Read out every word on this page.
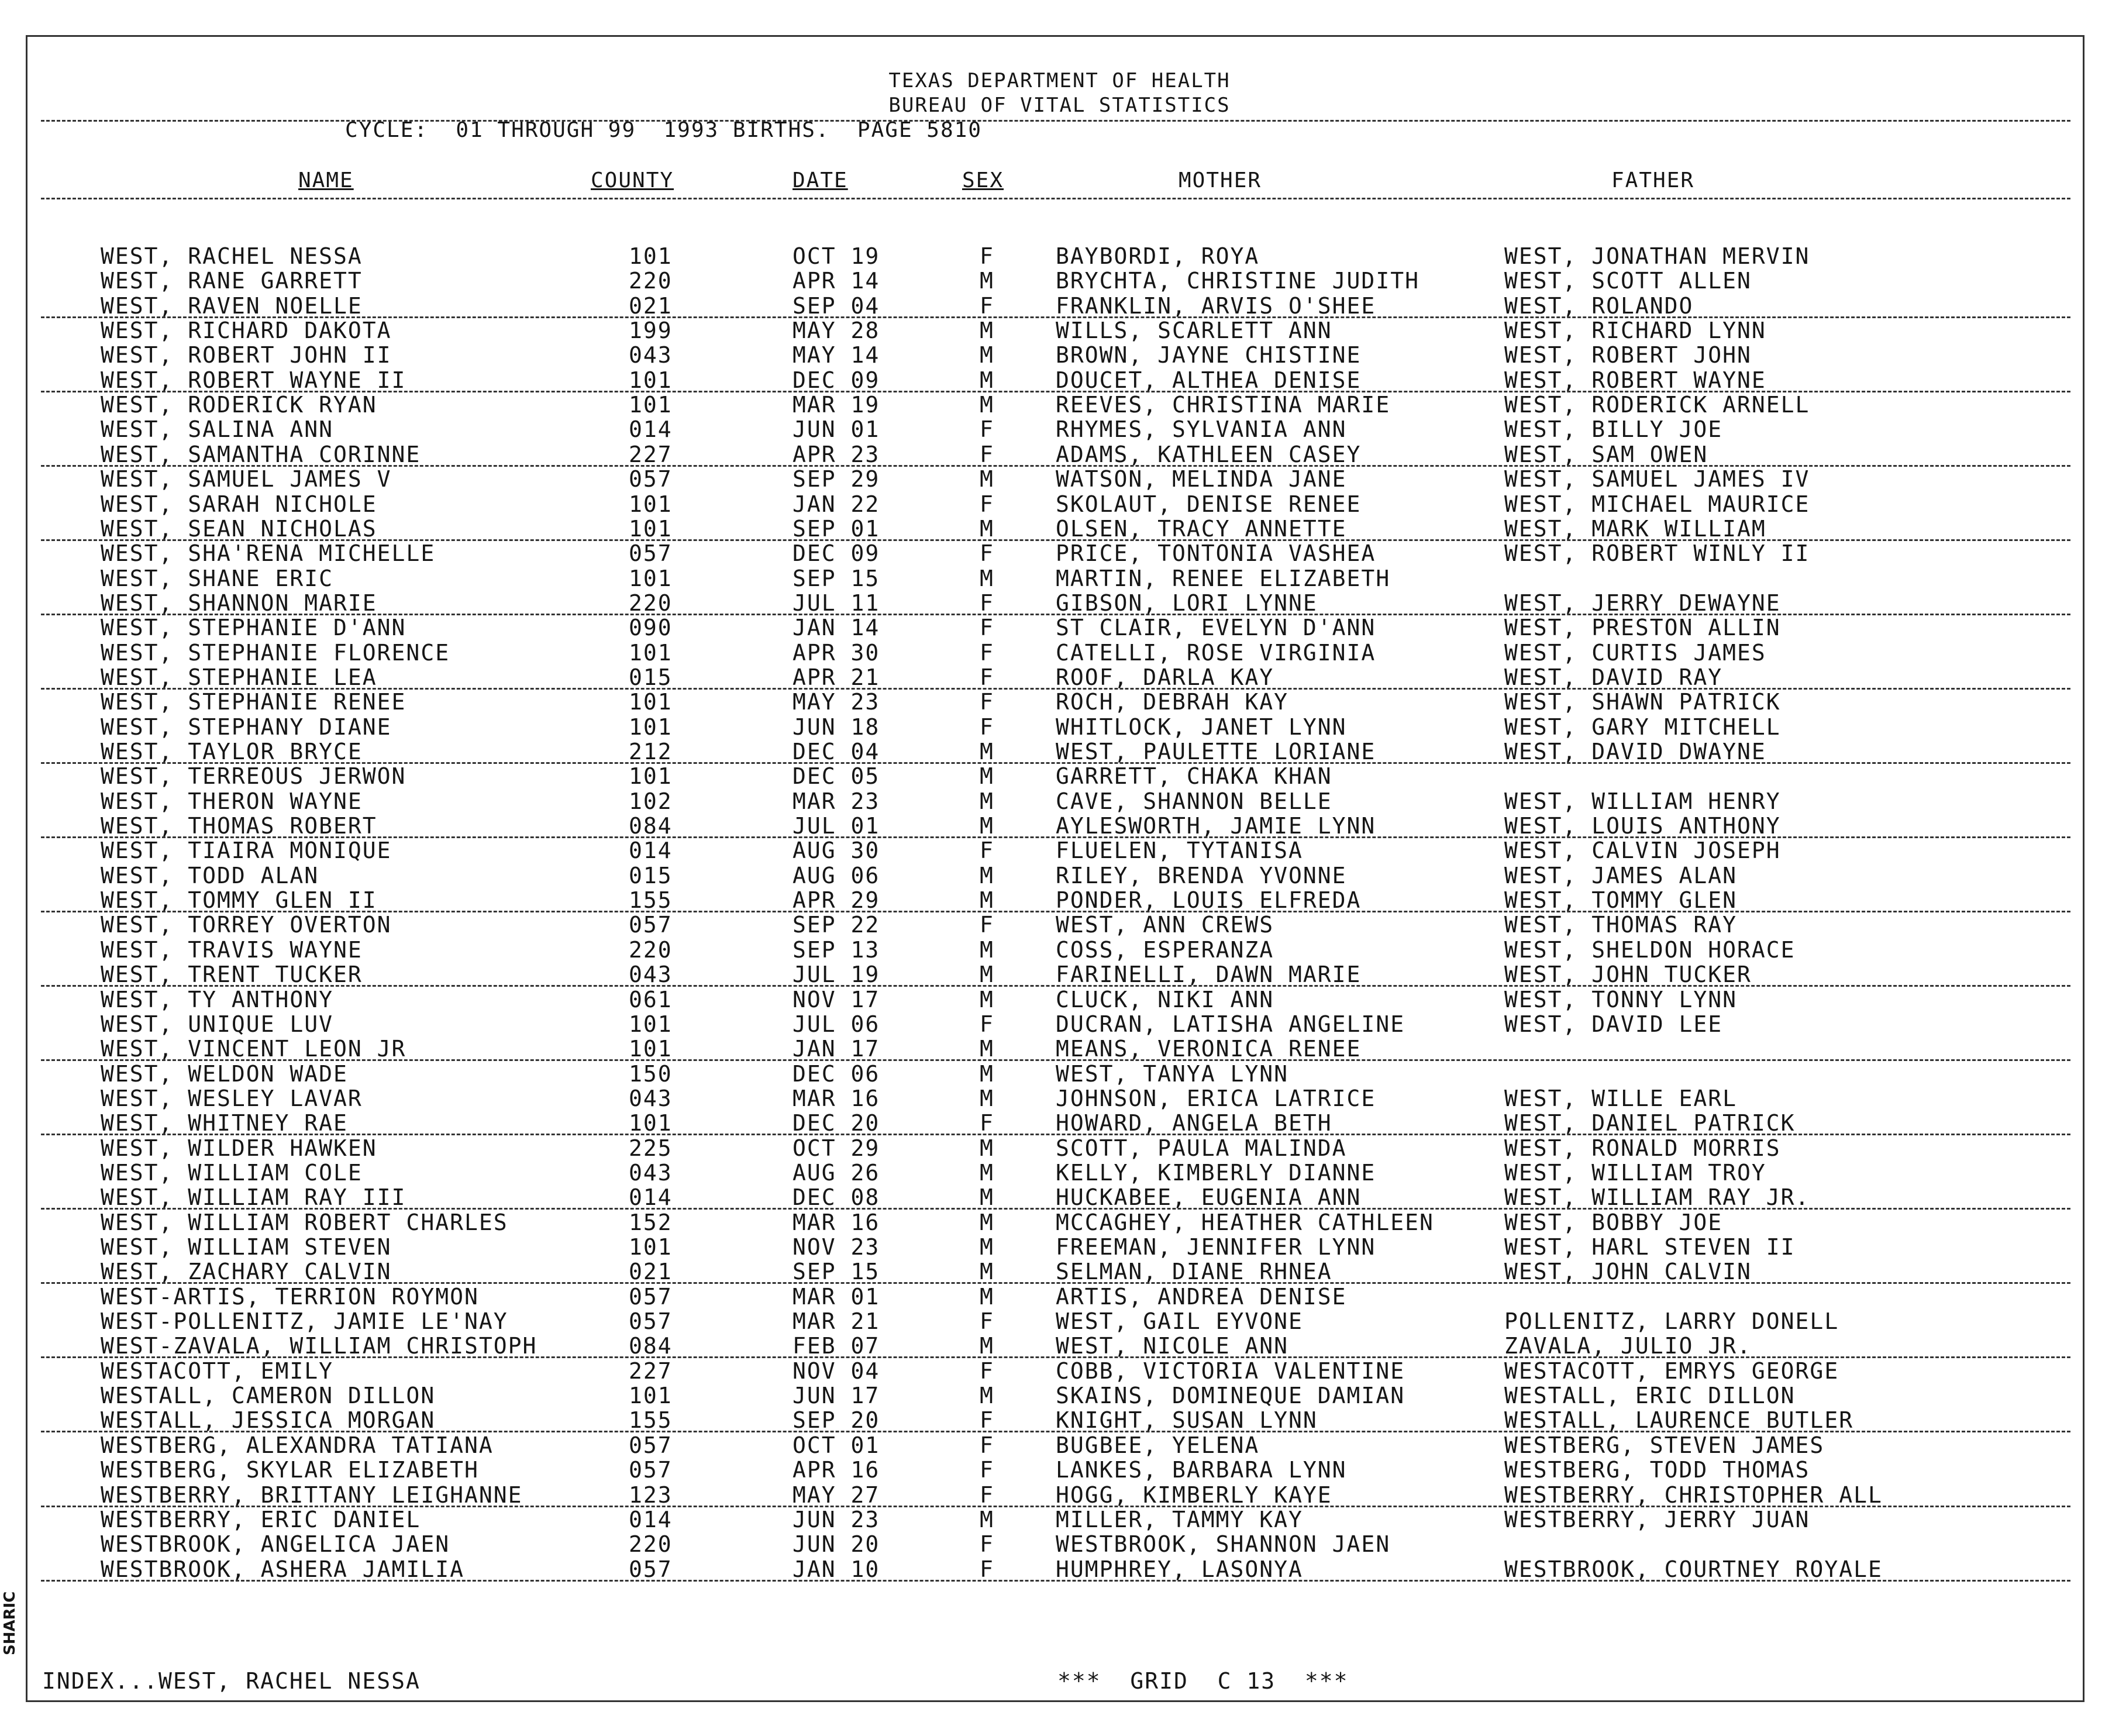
TEXAS DEPARTMENT OF HEALTH
BUREAU OF VITAL STATISTICS
CYCLE:  01 THROUGH 99  1993 BIRTHS.  PAGE 5810
NAME	COUNTY	DATE	SEX	MOTHER	FATHER
WEST, RACHEL NESSA	101	OCT 19	F	BAYBORDI, ROYA	WEST, JONATHAN MERVIN
WEST, RANE GARRETT	220	APR 14	M	BRYCHTA, CHRISTINE JUDITH	WEST, SCOTT ALLEN
WEST, RAVEN NOELLE	021	SEP 04	F	FRANKLIN, ARVIS O'SHEE	WEST, ROLANDO
WEST, RICHARD DAKOTA	199	MAY 28	M	WILLS, SCARLETT ANN	WEST, RICHARD LYNN
WEST, ROBERT JOHN II	043	MAY 14	M	BROWN, JAYNE CHISTINE	WEST, ROBERT JOHN
WEST, ROBERT WAYNE II	101	DEC 09	M	DOUCET, ALTHEA DENISE	WEST, ROBERT WAYNE
WEST, RODERICK RYAN	101	MAR 19	M	REEVES, CHRISTINA MARIE	WEST, RODERICK ARNELL
WEST, SALINA ANN	014	JUN 01	F	RHYMES, SYLVANIA ANN	WEST, BILLY JOE
WEST, SAMANTHA CORINNE	227	APR 23	F	ADAMS, KATHLEEN CASEY	WEST, SAM OWEN
WEST, SAMUEL JAMES V	057	SEP 29	M	WATSON, MELINDA JANE	WEST, SAMUEL JAMES IV
WEST, SARAH NICHOLE	101	JAN 22	F	SKOLAUT, DENISE RENEE	WEST, MICHAEL MAURICE
WEST, SEAN NICHOLAS	101	SEP 01	M	OLSEN, TRACY ANNETTE	WEST, MARK WILLIAM
WEST, SHA'RENA MICHELLE	057	DEC 09	F	PRICE, TONTONIA VASHEA	WEST, ROBERT WINLY II
WEST, SHANE ERIC	101	SEP 15	M	MARTIN, RENEE ELIZABETH
WEST, SHANNON MARIE	220	JUL 11	F	GIBSON, LORI LYNNE	WEST, JERRY DEWAYNE
WEST, STEPHANIE D'ANN	090	JAN 14	F	ST CLAIR, EVELYN D'ANN	WEST, PRESTON ALLIN
WEST, STEPHANIE FLORENCE	101	APR 30	F	CATELLI, ROSE VIRGINIA	WEST, CURTIS JAMES
WEST, STEPHANIE LEA	015	APR 21	F	ROOF, DARLA KAY	WEST, DAVID RAY
WEST, STEPHANIE RENEE	101	MAY 23	F	ROCH, DEBRAH KAY	WEST, SHAWN PATRICK
WEST, STEPHANY DIANE	101	JUN 18	F	WHITLOCK, JANET LYNN	WEST, GARY MITCHELL
WEST, TAYLOR BRYCE	212	DEC 04	M	WEST, PAULETTE LORIANE	WEST, DAVID DWAYNE
WEST, TERREOUS JERWON	101	DEC 05	M	GARRETT, CHAKA KHAN
WEST, THERON WAYNE	102	MAR 23	M	CAVE, SHANNON BELLE	WEST, WILLIAM HENRY
WEST, THOMAS ROBERT	084	JUL 01	M	AYLESWORTH, JAMIE LYNN	WEST, LOUIS ANTHONY
WEST, TIAIRA MONIQUE	014	AUG 30	F	FLUELEN, TYTANISA	WEST, CALVIN JOSEPH
WEST, TODD ALAN	015	AUG 06	M	RILEY, BRENDA YVONNE	WEST, JAMES ALAN
WEST, TOMMY GLEN II	155	APR 29	M	PONDER, LOUIS ELFREDA	WEST, TOMMY GLEN
WEST, TORREY OVERTON	057	SEP 22	F	WEST, ANN CREWS	WEST, THOMAS RAY
WEST, TRAVIS WAYNE	220	SEP 13	M	COSS, ESPERANZA	WEST, SHELDON HORACE
WEST, TRENT TUCKER	043	JUL 19	M	FARINELLI, DAWN MARIE	WEST, JOHN TUCKER
WEST, TY ANTHONY	061	NOV 17	M	CLUCK, NIKI ANN	WEST, TONNY LYNN
WEST, UNIQUE LUV	101	JUL 06	F	DUCRAN, LATISHA ANGELINE	WEST, DAVID LEE
WEST, VINCENT LEON JR	101	JAN 17	M	MEANS, VERONICA RENEE
WEST, WELDON WADE	150	DEC 06	M	WEST, TANYA LYNN
WEST, WESLEY LAVAR	043	MAR 16	M	JOHNSON, ERICA LATRICE	WEST, WILLE EARL
WEST, WHITNEY RAE	101	DEC 20	F	HOWARD, ANGELA BETH	WEST, DANIEL PATRICK
WEST, WILDER HAWKEN	225	OCT 29	M	SCOTT, PAULA MALINDA	WEST, RONALD MORRIS
WEST, WILLIAM COLE	043	AUG 26	M	KELLY, KIMBERLY DIANNE	WEST, WILLIAM TROY
WEST, WILLIAM RAY III	014	DEC 08	M	HUCKABEE, EUGENIA ANN	WEST, WILLIAM RAY JR.
WEST, WILLIAM ROBERT CHARLES	152	MAR 16	M	MCCAGHEY, HEATHER CATHLEEN	WEST, BOBBY JOE
WEST, WILLIAM STEVEN	101	NOV 23	M	FREEMAN, JENNIFER LYNN	WEST, HARL STEVEN II
WEST, ZACHARY CALVIN	021	SEP 15	M	SELMAN, DIANE RHNEA	WEST, JOHN CALVIN
WEST-ARTIS, TERRION ROYMON	057	MAR 01	M	ARTIS, ANDREA DENISE
WEST-POLLENITZ, JAMIE LE'NAY	057	MAR 21	F	WEST, GAIL EYVONE	POLLENITZ, LARRY DONELL
WEST-ZAVALA, WILLIAM CHRISTOPH	084	FEB 07	M	WEST, NICOLE ANN	ZAVALA, JULIO JR.
WESTACOTT, EMILY	227	NOV 04	F	COBB, VICTORIA VALENTINE	WESTACOTT, EMRYS GEORGE
WESTALL, CAMERON DILLON	101	JUN 17	M	SKAINS, DOMINEQUE DAMIAN	WESTALL, ERIC DILLON
WESTALL, JESSICA MORGAN	155	SEP 20	F	KNIGHT, SUSAN LYNN	WESTALL, LAURENCE BUTLER
WESTBERG, ALEXANDRA TATIANA	057	OCT 01	F	BUGBEE, YELENA	WESTBERG, STEVEN JAMES
WESTBERG, SKYLAR ELIZABETH	057	APR 16	F	LANKES, BARBARA LYNN	WESTBERG, TODD THOMAS
WESTBERRY, BRITTANY LEIGHANNE	123	MAY 27	F	HOGG, KIMBERLY KAYE	WESTBERRY, CHRISTOPHER ALL
WESTBERRY, ERIC DANIEL	014	JUN 23	M	MILLER, TAMMY KAY	WESTBERRY, JERRY JUAN
WESTBROOK, ANGELICA JAEN	220	JUN 20	F	WESTBROOK, SHANNON JAEN
WESTBROOK, ASHERA JAMILIA	057	JAN 10	F	HUMPHREY, LASONYA	WESTBROOK, COURTNEY ROYALE
INDEX...WEST, RACHEL NESSA	***  GRID  C 13  ***
SHARIC
